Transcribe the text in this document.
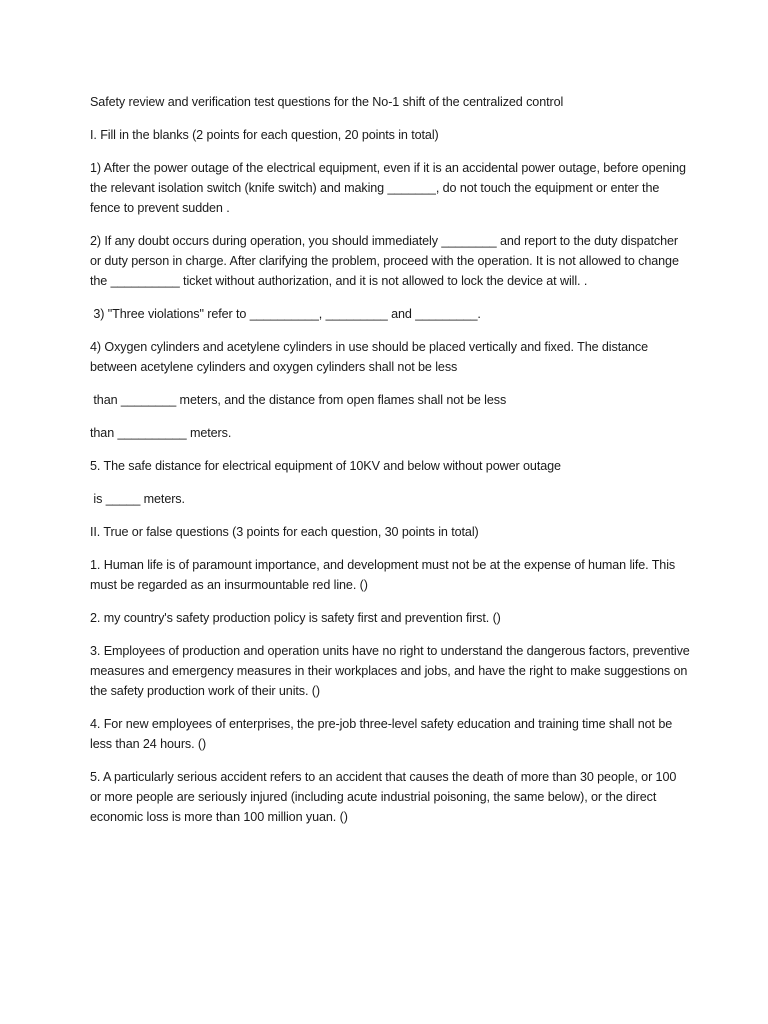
Safety review and verification test questions for the No-1 shift of the centralized control

I. Fill in the blanks (2 points for each question, 20 points in total)

1) After the power outage of the electrical equipment, even if it is an accidental power outage, before opening the relevant isolation switch (knife switch) and making _______, do not touch the equipment or enter the fence to prevent sudden .

2) If any doubt occurs during operation, you should immediately ________ and report to the duty dispatcher or duty person in charge. After clarifying the problem, proceed with the operation. It is not allowed to change the __________ ticket without authorization, and it is not allowed to lock the device at will. .

3) "Three violations" refer to __________, _________ and _________.

4) Oxygen cylinders and acetylene cylinders in use should be placed vertically and fixed. The distance between acetylene cylinders and oxygen cylinders shall not be less

than ________ meters, and the distance from open flames shall not be less

than __________ meters.

5. The safe distance for electrical equipment of 10KV and below without power outage

is _____ meters.

II. True or false questions (3 points for each question, 30 points in total)

1. Human life is of paramount importance, and development must not be at the expense of human life. This must be regarded as an insurmountable red line. ()

2. my country's safety production policy is safety first and prevention first. ()

3. Employees of production and operation units have no right to understand the dangerous factors, preventive measures and emergency measures in their workplaces and jobs, and have the right to make suggestions on the safety production work of their units. ()

4. For new employees of enterprises, the pre-job three-level safety education and training time shall not be less than 24 hours. ()

5. A particularly serious accident refers to an accident that causes the death of more than 30 people, or 100 or more people are seriously injured (including acute industrial poisoning, the same below), or the direct economic loss is more than 100 million yuan. ()
